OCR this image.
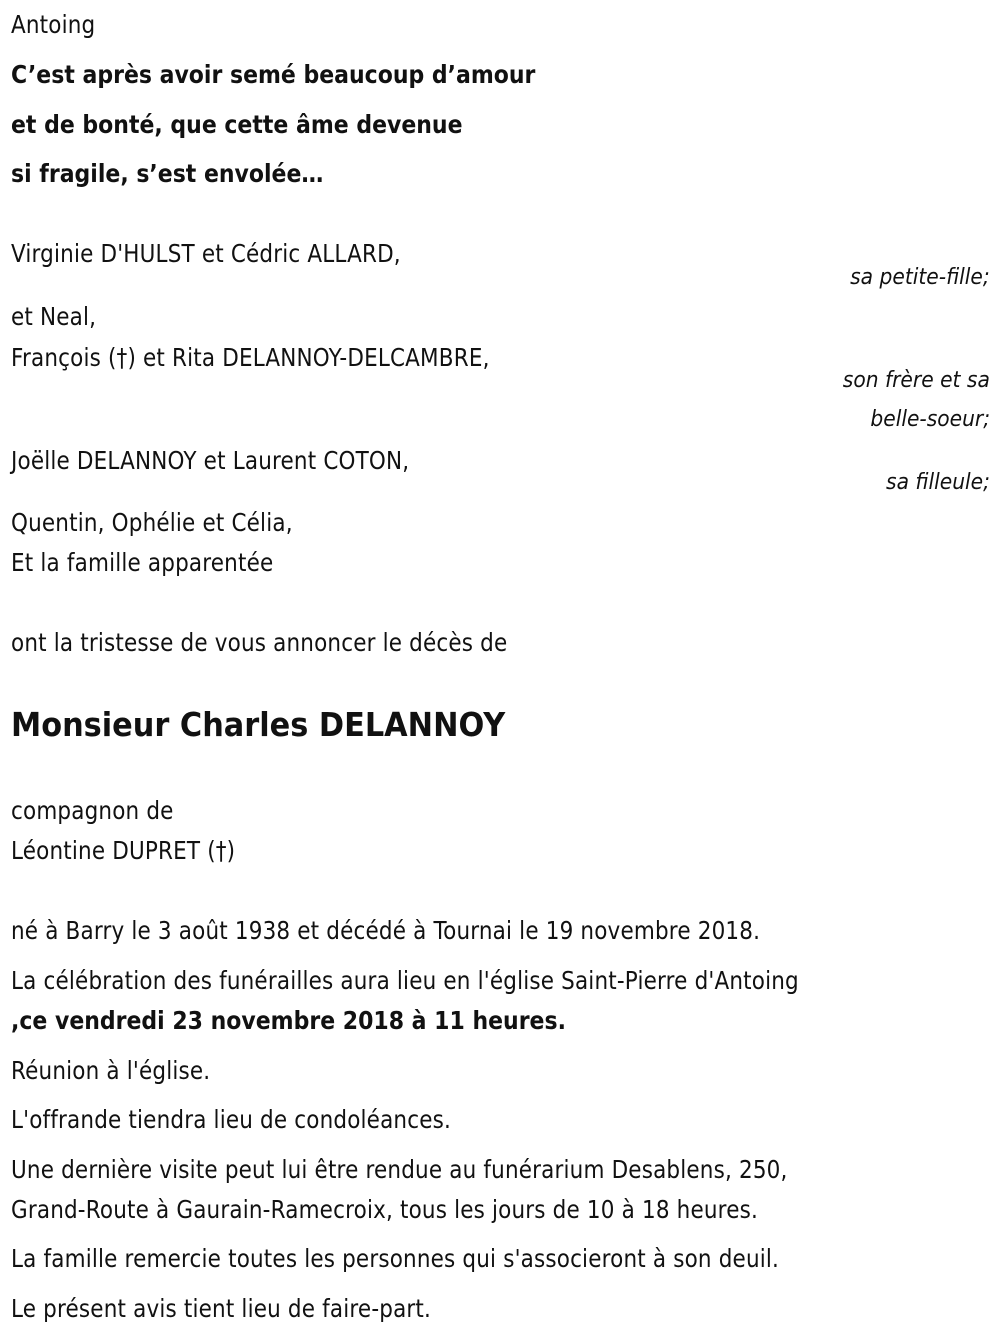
Antoing
C’est après avoir semé beaucoup d’amour
et de bonté, que cette âme devenue
si fragile, s’est envolée…
Virginie D'HULST et Cédric ALLARD,
sa petite-fille;
et Neal,
François (†) et Rita DELANNOY-DELCAMBRE,
son frère et sa
belle-soeur;
Joëlle DELANNOY et Laurent COTON,
sa filleule;
Quentin, Ophélie et Célia,
Et la famille apparentée
ont la tristesse de vous annoncer le décès de
Monsieur Charles DELANNOY
compagnon de
Léontine DUPRET (†)
né à Barry le 3 août 1938 et décédé à Tournai le 19 novembre 2018.
La célébration des funérailles aura lieu en l'église Saint-Pierre d'Antoing
,ce vendredi 23 novembre 2018 à 11 heures.
Réunion à l'église.
L'offrande tiendra lieu de condoléances.
Une dernière visite peut lui être rendue au funérarium Desablens, 250,
Grand-Route à Gaurain-Ramecroix, tous les jours de 10 à 18 heures.
La famille remercie toutes les personnes qui s'associeront à son deuil.
Le présent avis tient lieu de faire-part.
